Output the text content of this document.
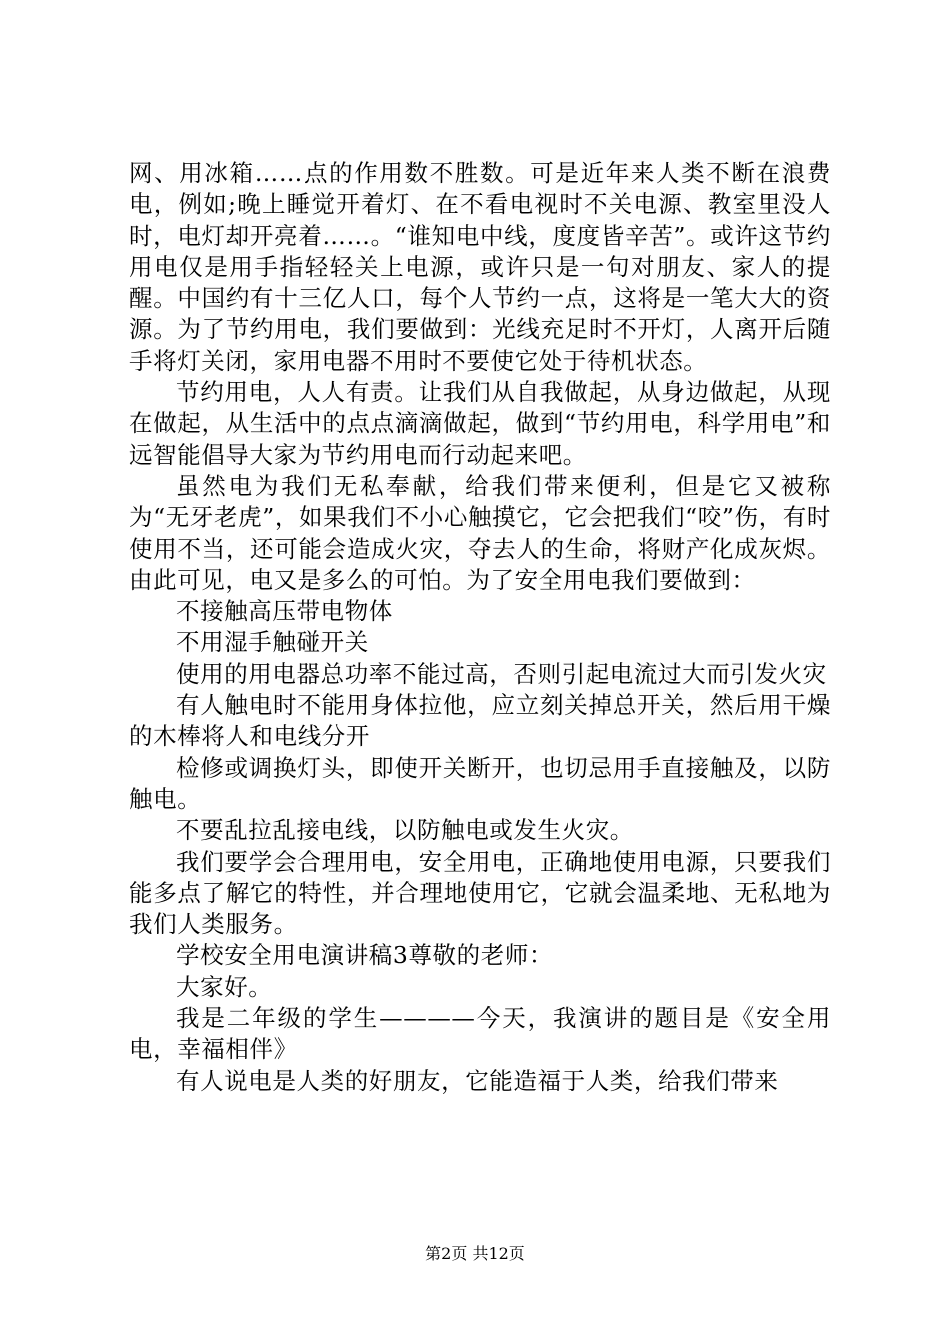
网、用冰箱……点的作用数不胜数。可是近年来人类不断在浪费电，例如;晚上睡觉开着灯、在不看电视时不关电源、教室里没人时，电灯却开亮着……。“谁知电中线，度度皆辛苦”。或许这节约用电仅是用手指轻轻关上电源，或许只是一句对朋友、家人的提醒。中国约有十三亿人口，每个人节约一点，这将是一笔大大的资源。为了节约用电，我们要做到：光线充足时不开灯，人离开后随手将灯关闭，家用电器不用时不要使它处于待机状态。

节约用电，人人有责。让我们从自我做起，从身边做起，从现在做起，从生活中的点点滴滴做起，做到“节约用电，科学用电”和远智能倡导大家为节约用电而行动起来吧。

虽然电为我们无私奉献，给我们带来便利，但是它又被称为“无牙老虎”，如果我们不小心触摸它，它会把我们“咬”伤，有时使用不当，还可能会造成火灾，夺去人的生命，将财产化成灰烬。由此可见，电又是多么的可怕。为了安全用电我们要做到：

不接触高压带电物体

不用湿手触碰开关

使用的用电器总功率不能过高，否则引起电流过大而引发火灾

有人触电时不能用身体拉他，应立刻关掉总开关，然后用干燥的木棒将人和电线分开

检修或调换灯头，即使开关断开，也切忌用手直接触及，以防触电。

不要乱拉乱接电线，以防触电或发生火灾。

我们要学会合理用电，安全用电，正确地使用电源，只要我们能多点了解它的特性，并合理地使用它，它就会温柔地、无私地为我们人类服务。

学校安全用电演讲稿3尊敬的老师：

大家好。

我是二年级的学生————今天，我演讲的题目是《安全用电，幸福相伴》

有人说电是人类的好朋友，它能造福于人类，给我们带来

第2页 共12页
